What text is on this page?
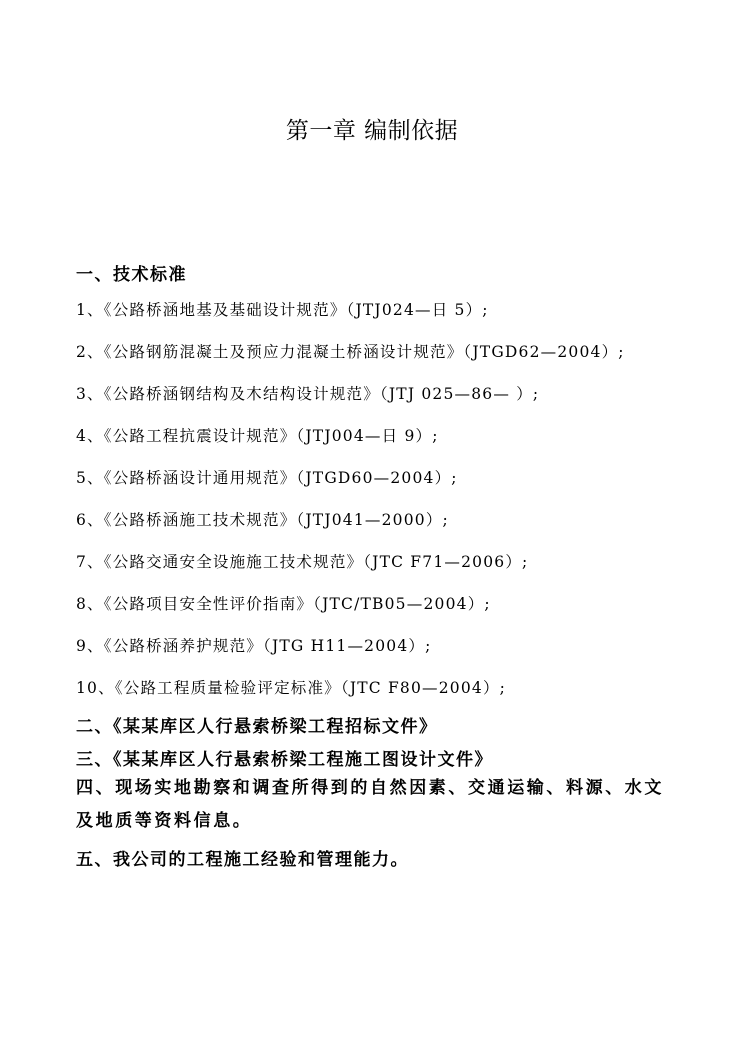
第一章 编制依据
一、技术标准
1、《公路桥涵地基及基础设计规范》（JTJ024—日 5）;
2、《公路钢筋混凝土及预应力混凝土桥涵设计规范》（JTGD62—2004）;
3、《公路桥涵钢结构及木结构设计规范》（JTJ 025—86— ）;
4、《公路工程抗震设计规范》（JTJ004—日 9）;
5、《公路桥涵设计通用规范》（JTGD60—2004）;
6、《公路桥涵施工技术规范》（JTJ041—2000）;
7、《公路交通安全设施施工技术规范》（JTC F71—2006）;
8、《公路项目安全性评价指南》（JTC/TB05—2004）;
9、《公路桥涵养护规范》（JTG H11—2004）;
10、《公路工程质量检验评定标准》（JTC F80—2004）;
二、《某某库区人行悬索桥梁工程招标文件》
三、《某某库区人行悬索桥梁工程施工图设计文件》
四、现场实地勘察和调查所得到的自然因素、交通运输、料源、水文及地质等资料信息。
五、我公司的工程施工经验和管理能力。
